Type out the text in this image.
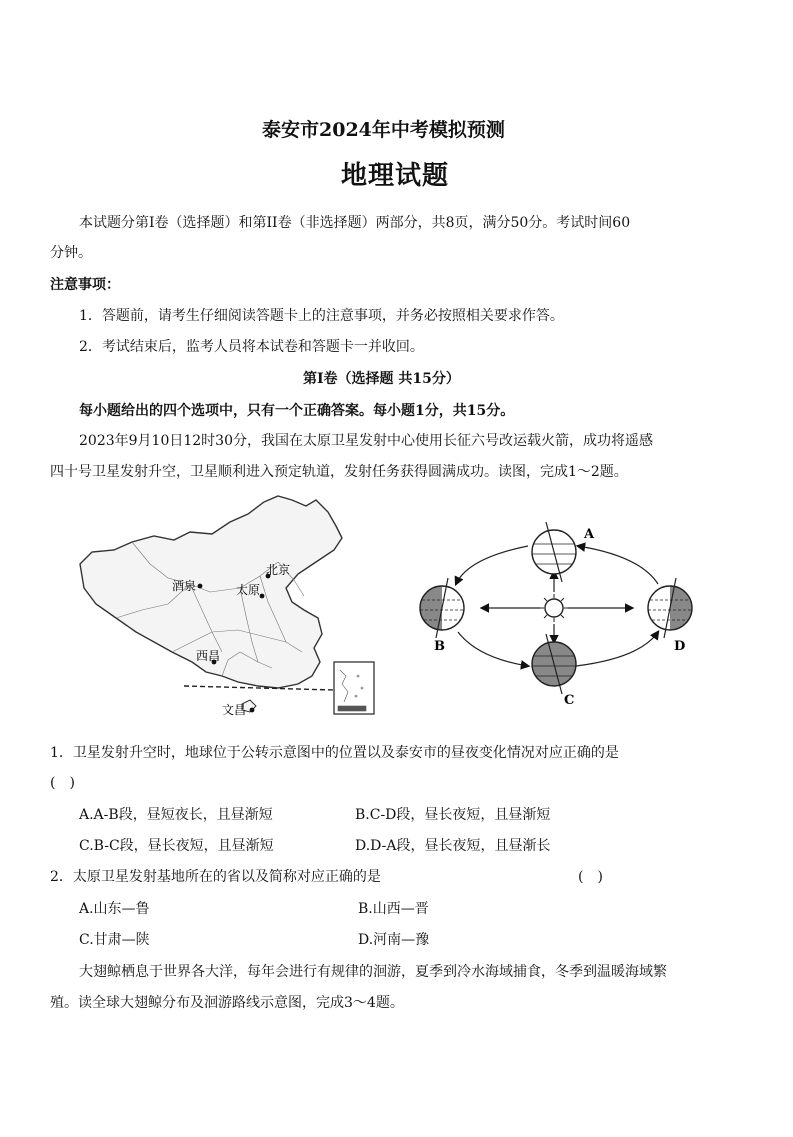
泰安市2024年中考模拟预测
地理试题
本试题分第I卷（选择题）和第II卷（非选择题）两部分，共8页，满分50分。考试时间60
分钟。
注意事项：
1．答题前，请考生仔细阅读答题卡上的注意事项，并务必按照相关要求作答。
2．考试结束后，监考人员将本试卷和答题卡一并收回。
第I卷（选择题 共15分）
每小题给出的四个选项中，只有一个正确答案。每小题1分，共15分。
2023年9月10日12时30分，我国在太原卫星发射中心使用长征六号改运载火箭，成功将遥感
四十号卫星发射升空，卫星顺利进入预定轨道，发射任务获得圆满成功。读图，完成1～2题。
北京
酒泉	太原
西昌
文昌
A
B
C
D
1．卫星发射升空时，地球位于公转示意图中的位置以及泰安市的昼夜变化情况对应正确的是
(　)
A.A-B段，昼短夜长，且昼渐短	B.C-D段，昼长夜短，且昼渐短
C.B-C段，昼长夜短，且昼渐短	D.D-A段，昼长夜短，且昼渐长
2．太原卫星发射基地所在的省以及简称对应正确的是	(　)
A.山东—鲁	B.山西—晋
C.甘肃—陕	D.河南—豫
大翅鲸栖息于世界各大洋，每年会进行有规律的洄游，夏季到冷水海域捕食，冬季到温暖海域繁
殖。读全球大翅鲸分布及洄游路线示意图，完成3～4题。
